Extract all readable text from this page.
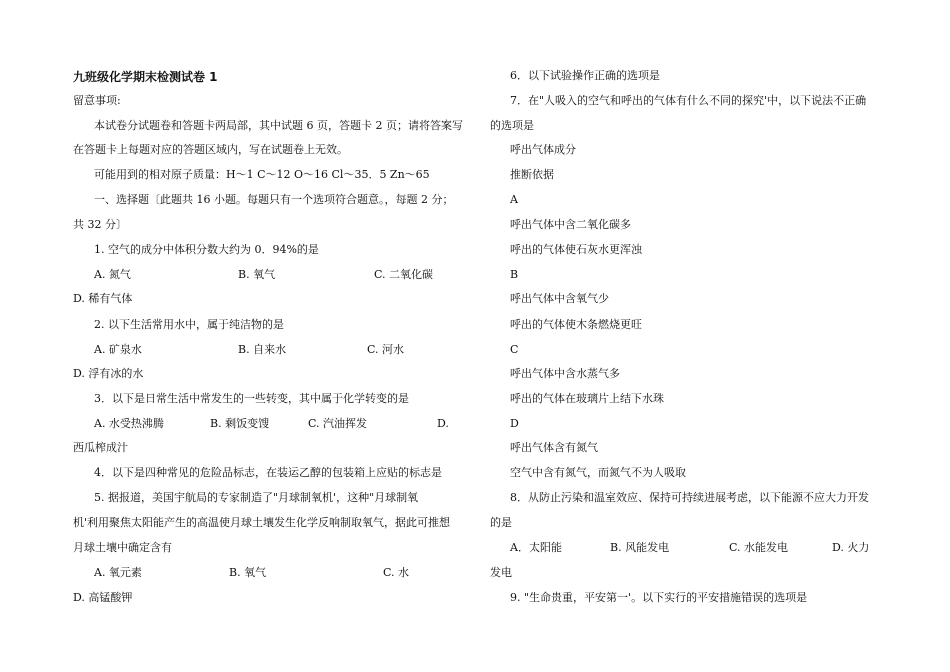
九班级化学期末检测试卷 1
留意事项:
本试卷分试题卷和答题卡两局部，其中试题 6 页，答题卡 2 页；请将答案写
在答题卡上每题对应的答题区域内，写在试题卷上无效。
可能用到的相对原子质量：H～1 C～12 O～16 Cl～35．5 Zn～65
一、选择题〔此题共 16 小题。每题只有一个选项符合题意。，每题 2 分；
共 32 分〕
1. 空气的成分中体积分数大约为 0．94%的是
A. 氮气	B. 氧气	C. 二氧化碳
D. 稀有气体
2. 以下生活常用水中，属于纯洁物的是
A. 矿泉水	B. 自来水	C. 河水
D. 浮有冰的水
3．以下是日常生活中常发生的一些转变，其中属于化学转变的是
A. 水受热沸腾	B. 剩饭变馊	C. 汽油挥发	D.
西瓜榨成汁
4．以下是四种常见的危险品标志，在装运乙醇的包装箱上应贴的标志是
5. 据报道，美国宇航局的专家制造了"月球制氧机'，这种"月球制氧
机'利用聚焦太阳能产生的高温使月球土壤发生化学反响制取氧气，据此可推想
月球土壤中确定含有
A. 氧元素	B. 氧气	C. 水
D. 高锰酸钾
6．以下试验操作正确的选项是
7．在"人吸入的空气和呼出的气体有什么不同的探究'中，以下说法不正确
的选项是
呼出气体成分
推断依据
A
呼出气体中含二氧化碳多
呼出的气体使石灰水更浑浊
B
呼出气体中含氧气少
呼出的气体使木条燃烧更旺
C
呼出气体中含水蒸气多
呼出的气体在玻璃片上结下水珠
D
呼出气体含有氮气
空气中含有氮气，而氮气不为人吸取
8．从防止污染和温室效应、保持可持续进展考虑，以下能源不应大力开发
的是
A．太阳能	B. 风能发电	C. 水能发电	D. 火力
发电
9. "生命贵重，平安第一'。以下实行的平安措施错误的选项是
